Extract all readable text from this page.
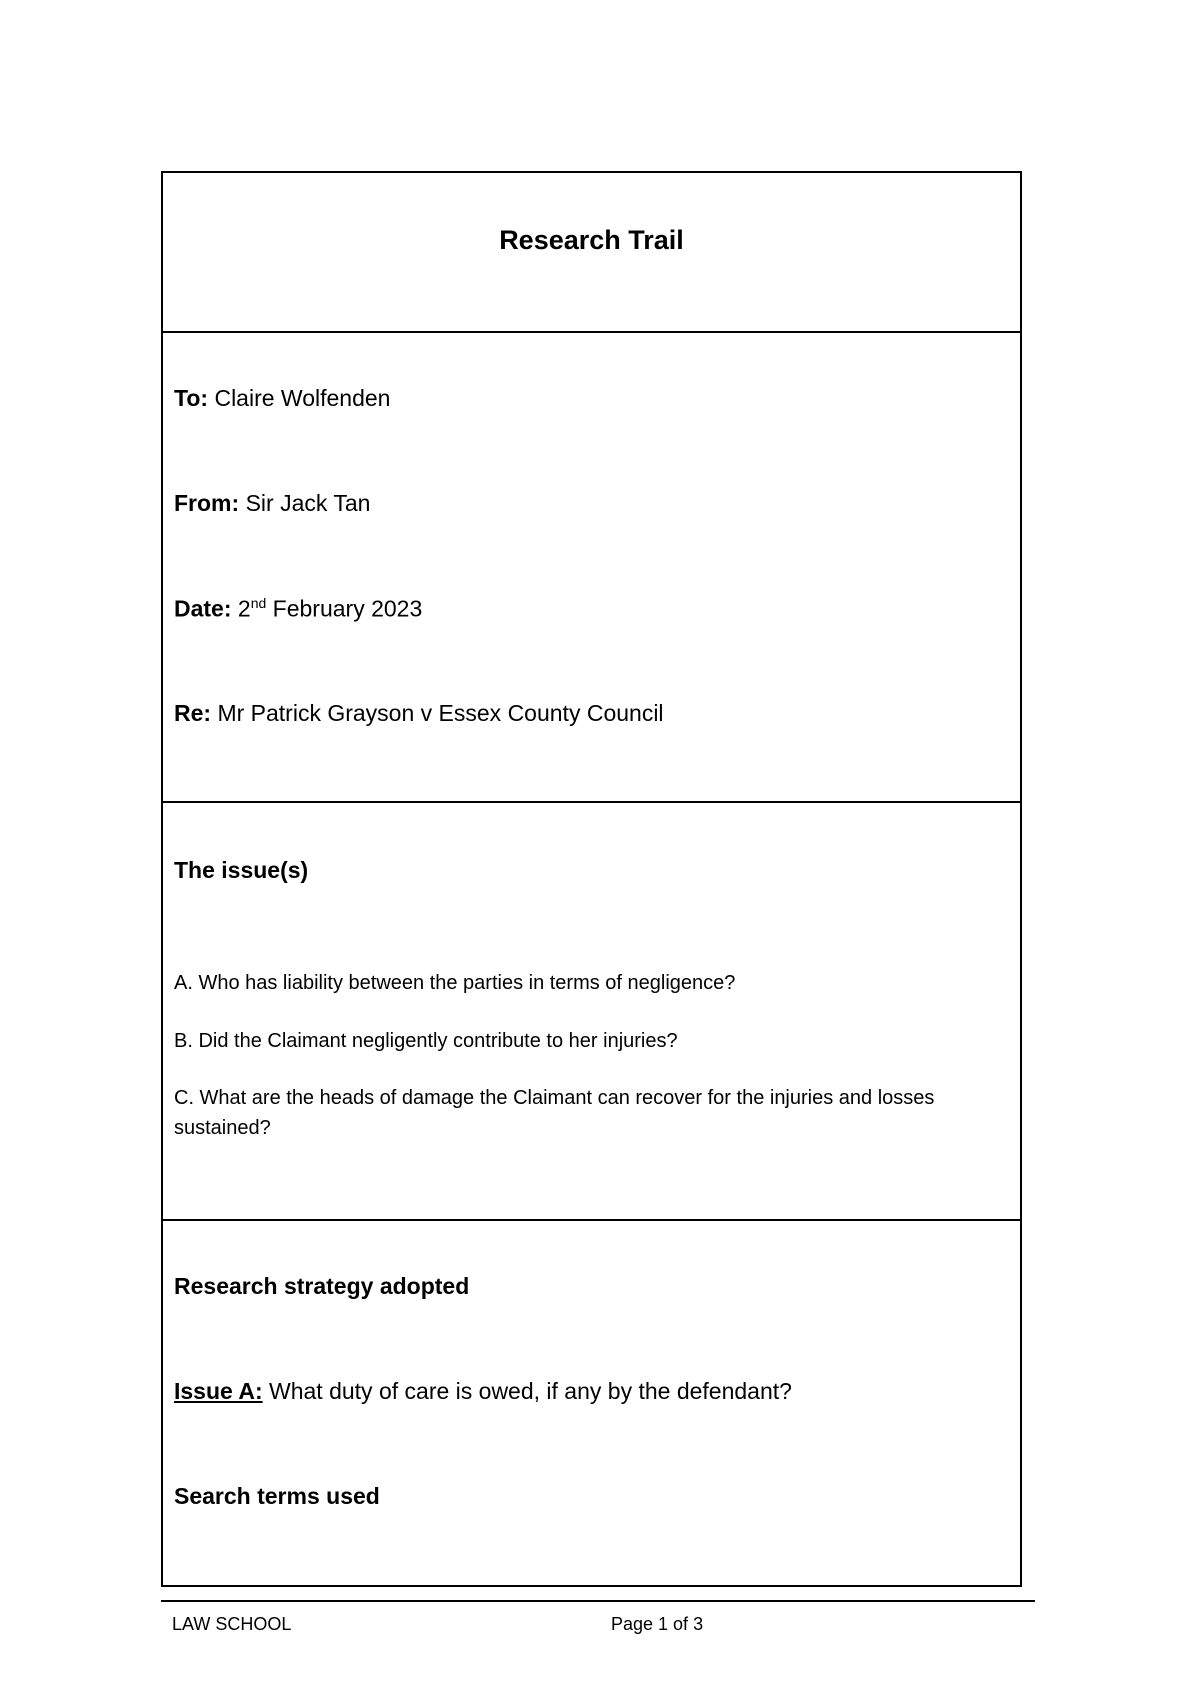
Research Trail

To: Claire Wolfenden

From: Sir Jack Tan

Date: 2nd February 2023

Re: Mr Patrick Grayson v Essex County Council

The issue(s)

A. Who has liability between the parties in terms of negligence?

B. Did the Claimant negligently contribute to her injuries?

C. What are the heads of damage the Claimant can recover for the injuries and losses sustained?

Research strategy adopted

Issue A: What duty of care is owed, if any by the defendant?

Search terms used

LAW SCHOOL	Page 1 of 3
